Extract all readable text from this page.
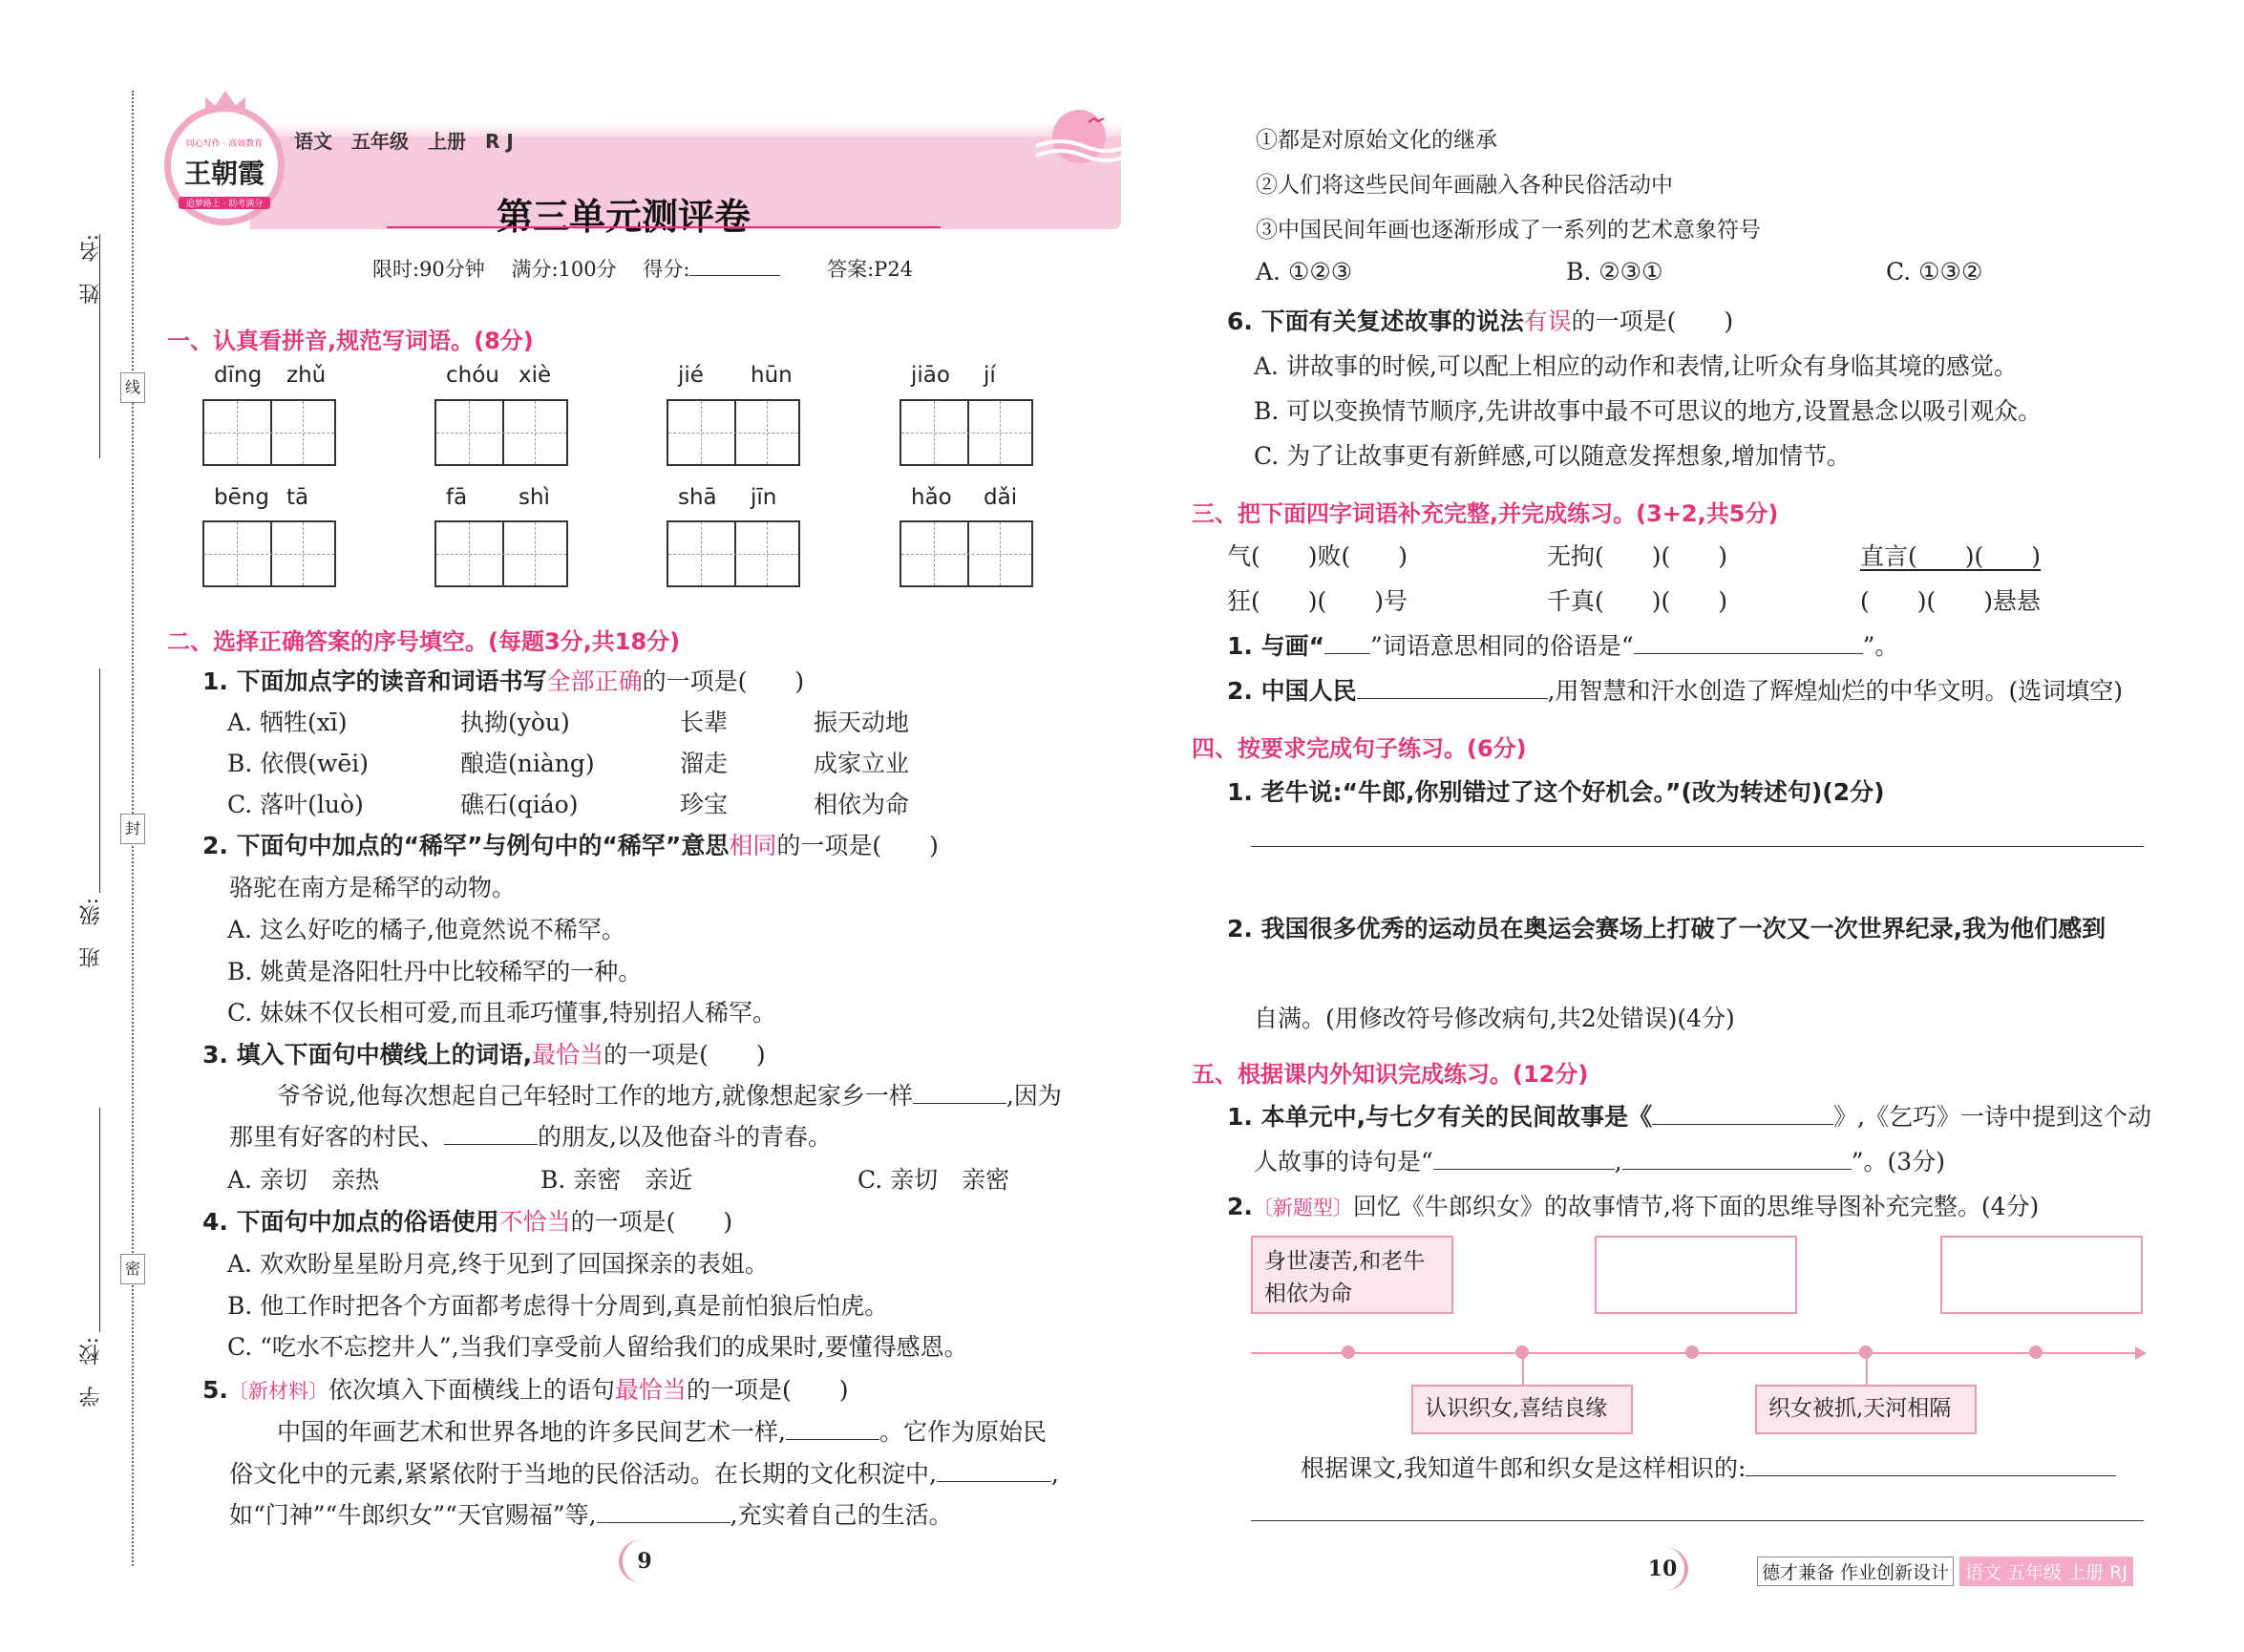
线
封
密
姓　名:
班　级:
学　校:
同心写作 · 高效教育
王朝霞
追梦路上 · 助考满分
语文　五年级　上册　R J
第三单元测评卷
限时:90分钟　 满分:100分　 得分:　　	答案:P24
一、认真看拼音,规范写词语。(8分)
dīng zhǔ	chóu xiè	jié hūn	jiāo jí
bēng tā	fā shì	shā jīn	hǎo dǎi
二、选择正确答案的序号填空。(每题3分,共18分)
1. 下面加点字的读音和词语书写全部正确的一项是(　　)
A. 牺牲(xī)	执拗(yòu)	长辈	振天动地
B. 依偎(wēi)	酿造(niàng)	溜走	成家立业
C. 落叶(luò)	礁石(qiáo)	珍宝	相依为命
2. 下面句中加点的“稀罕”与例句中的“稀罕”意思相同的一项是(　　)
骆驼在南方是稀罕的动物。
A. 这么好吃的橘子,他竟然说不稀罕。
B. 姚黄是洛阳牡丹中比较稀罕的一种。
C. 妹妹不仅长相可爱,而且乖巧懂事,特别招人稀罕。
3. 填入下面句中横线上的词语,最恰当的一项是(　　)
爷爷说,他每次想起自己年轻时工作的地方,就像想起家乡一样	,因为
那里有好客的村民、	的朋友,以及他奋斗的青春。
A. 亲切　亲热	B. 亲密　亲近	C. 亲切　亲密
4. 下面句中加点的俗语使用不恰当的一项是(　　)
A. 欢欢盼星星盼月亮,终于见到了回国探亲的表姐。
B. 他工作时把各个方面都考虑得十分周到,真是前怕狼后怕虎。
C. “吃水不忘挖井人”,当我们享受前人留给我们的成果时,要懂得感恩。
5.〔新材料〕依次填入下面横线上的语句最恰当的一项是(　　)
中国的年画艺术和世界各地的许多民间艺术一样,	。它作为原始民
俗文化中的元素,紧紧依附于当地的民俗活动。在长期的文化积淀中,	,
如“门神”“牛郎织女”“天官赐福”等,	,充实着自己的生活。
9
①都是对原始文化的继承
②人们将这些民间年画融入各种民俗活动中
③中国民间年画也逐渐形成了一系列的艺术意象符号
A. ①②③	B. ②③①	C. ①③②
6. 下面有关复述故事的说法有误的一项是(　　)
A. 讲故事的时候,可以配上相应的动作和表情,让听众有身临其境的感觉。
B. 可以变换情节顺序,先讲故事中最不可思议的地方,设置悬念以吸引观众。
C. 为了让故事更有新鲜感,可以随意发挥想象,增加情节。
三、把下面四字词语补充完整,并完成练习。(3+2,共5分)
气(　　)败(　　)	无拘(　　)(　　)	直言(　　)(　　)
狂(　　)(　　)号	千真(　　)(　　)	(　　)(　　)悬悬
1. 与画“ ”词语意思相同的俗语是“	”。
2. 中国人民	,用智慧和汗水创造了辉煌灿烂的中华文明。(选词填空)
四、按要求完成句子练习。(6分)
1. 老牛说:“牛郎,你别错过了这个好机会。”(改为转述句)(2分)
2. 我国很多优秀的运动员在奥运会赛场上打破了一次又一次世界纪录,我为他们感到
自满。(用修改符号修改病句,共2处错误)(4分)
五、根据课内外知识完成练习。(12分)
1. 本单元中,与七夕有关的民间故事是《	》,《乞巧》一诗中提到这个动
人故事的诗句是“	,	”。(3分)
2.〔新题型〕回忆《牛郎织女》的故事情节,将下面的思维导图补充完整。(4分)
身世凄苦,和老牛相依为命
认识织女,喜结良缘	织女被抓,天河相隔
根据课文,我知道牛郎和织女是这样相识的:
10	德才兼备 作业创新设计 语文 五年级 上册 RJ
